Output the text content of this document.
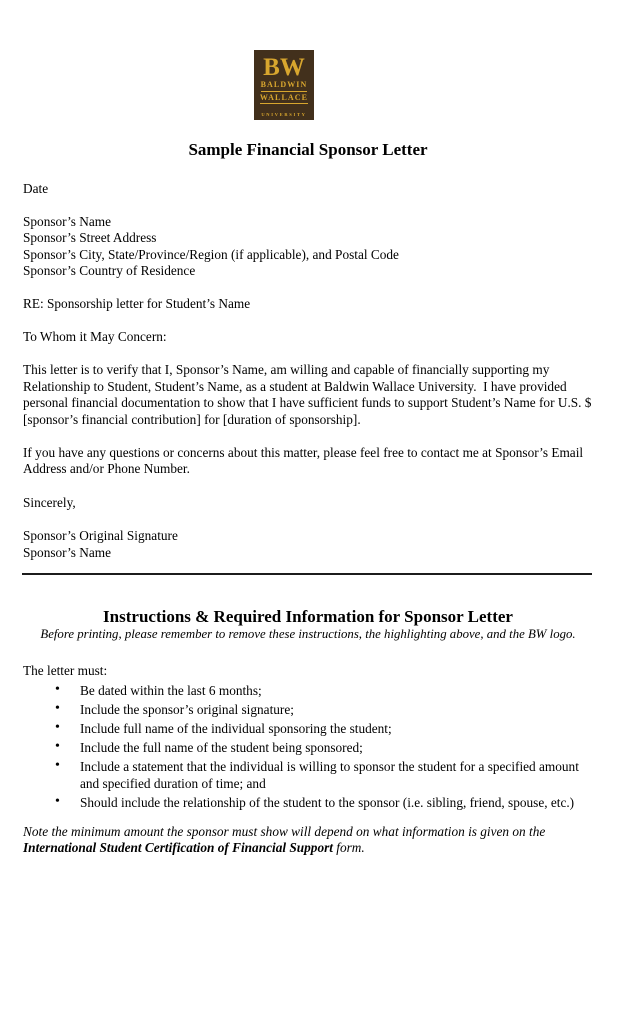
BW
BALDWIN
WALLACE
UNIVERSITY
Sample Financial Sponsor Letter
Date
Sponsor’s Name
Sponsor’s Street Address
Sponsor’s City, State/Province/Region (if applicable), and Postal Code
Sponsor’s Country of Residence
RE: Sponsorship letter for Student’s Name
To Whom it May Concern:
This letter is to verify that I, Sponsor’s Name, am willing and capable of financially supporting my Relationship to Student, Student’s Name, as a student at Baldwin Wallace University.  I have provided personal financial documentation to show that I have sufficient funds to support Student’s Name for U.S. $ [sponsor’s financial contribution] for [duration of sponsorship].
If you have any questions or concerns about this matter, please feel free to contact me at Sponsor’s Email Address and/or Phone Number.
Sincerely,
Sponsor’s Original Signature
Sponsor’s Name
Instructions & Required Information for Sponsor Letter
Before printing, please remember to remove these instructions, the highlighting above, and the BW logo.
The letter must:
• Be dated within the last 6 months;
• Include the sponsor’s original signature;
• Include full name of the individual sponsoring the student;
• Include the full name of the student being sponsored;
• Include a statement that the individual is willing to sponsor the student for a specified amount and specified duration of time; and
• Should include the relationship of the student to the sponsor (i.e. sibling, friend, spouse, etc.)
Note the minimum amount the sponsor must show will depend on what information is given on the International Student Certification of Financial Support form.
